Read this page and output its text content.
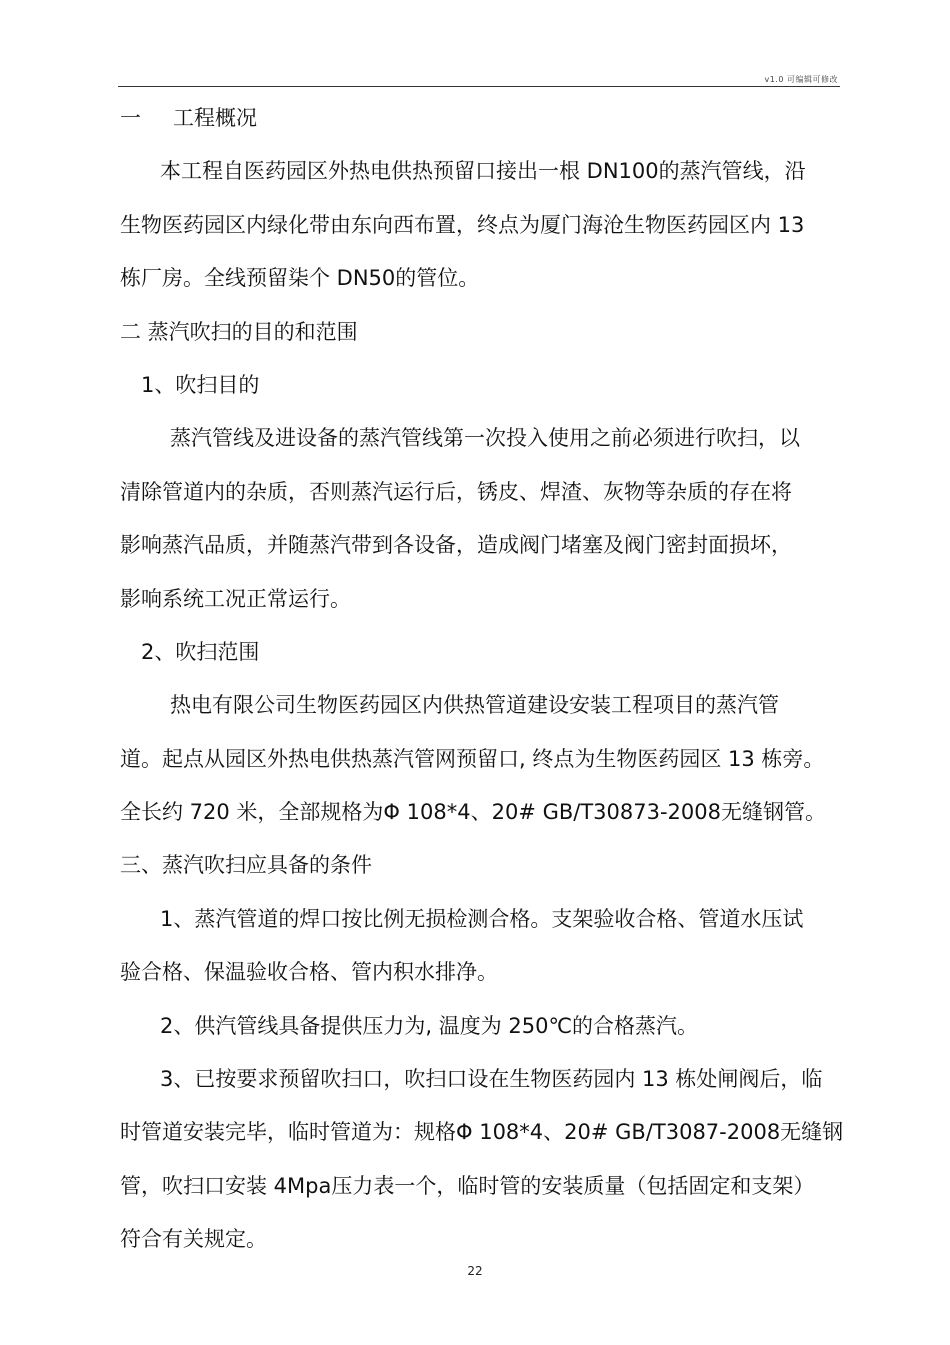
v1.0 可编辑可修改
一 工程概况
本工程自医药园区外热电供热预留口接出一根 DN100的蒸汽管线，沿
生物医药园区内绿化带由东向西布置，终点为厦门海沧生物医药园区内 13
栋厂房。全线预留柒个 DN50的管位。
二 蒸汽吹扫的目的和范围
1、吹扫目的
蒸汽管线及进设备的蒸汽管线第一次投入使用之前必须进行吹扫，以
清除管道内的杂质，否则蒸汽运行后，锈皮、焊渣、灰物等杂质的存在将
影响蒸汽品质，并随蒸汽带到各设备，造成阀门堵塞及阀门密封面损坏，
影响系统工况正常运行。
2、吹扫范围
热电有限公司生物医药园区内供热管道建设安装工程项目的蒸汽管
道。起点从园区外热电供热蒸汽管网预留口, 终点为生物医药园区 13 栋旁。
全长约 720 米，全部规格为Φ 108*4、20# GB/T30873-2008无缝钢管。
三、蒸汽吹扫应具备的条件
1、蒸汽管道的焊口按比例无损检测合格。支架验收合格、管道水压试
验合格、保温验收合格、管内积水排净。
2、供汽管线具备提供压力为, 温度为 250℃的合格蒸汽。
3、已按要求预留吹扫口，吹扫口设在生物医药园内 13 栋处闸阀后，临
时管道安装完毕，临时管道为：规格Φ 108*4、20# GB/T3087-2008无缝钢
管，吹扫口安装 4Mpa压力表一个，临时管的安装质量（包括固定和支架）
符合有关规定。
22
